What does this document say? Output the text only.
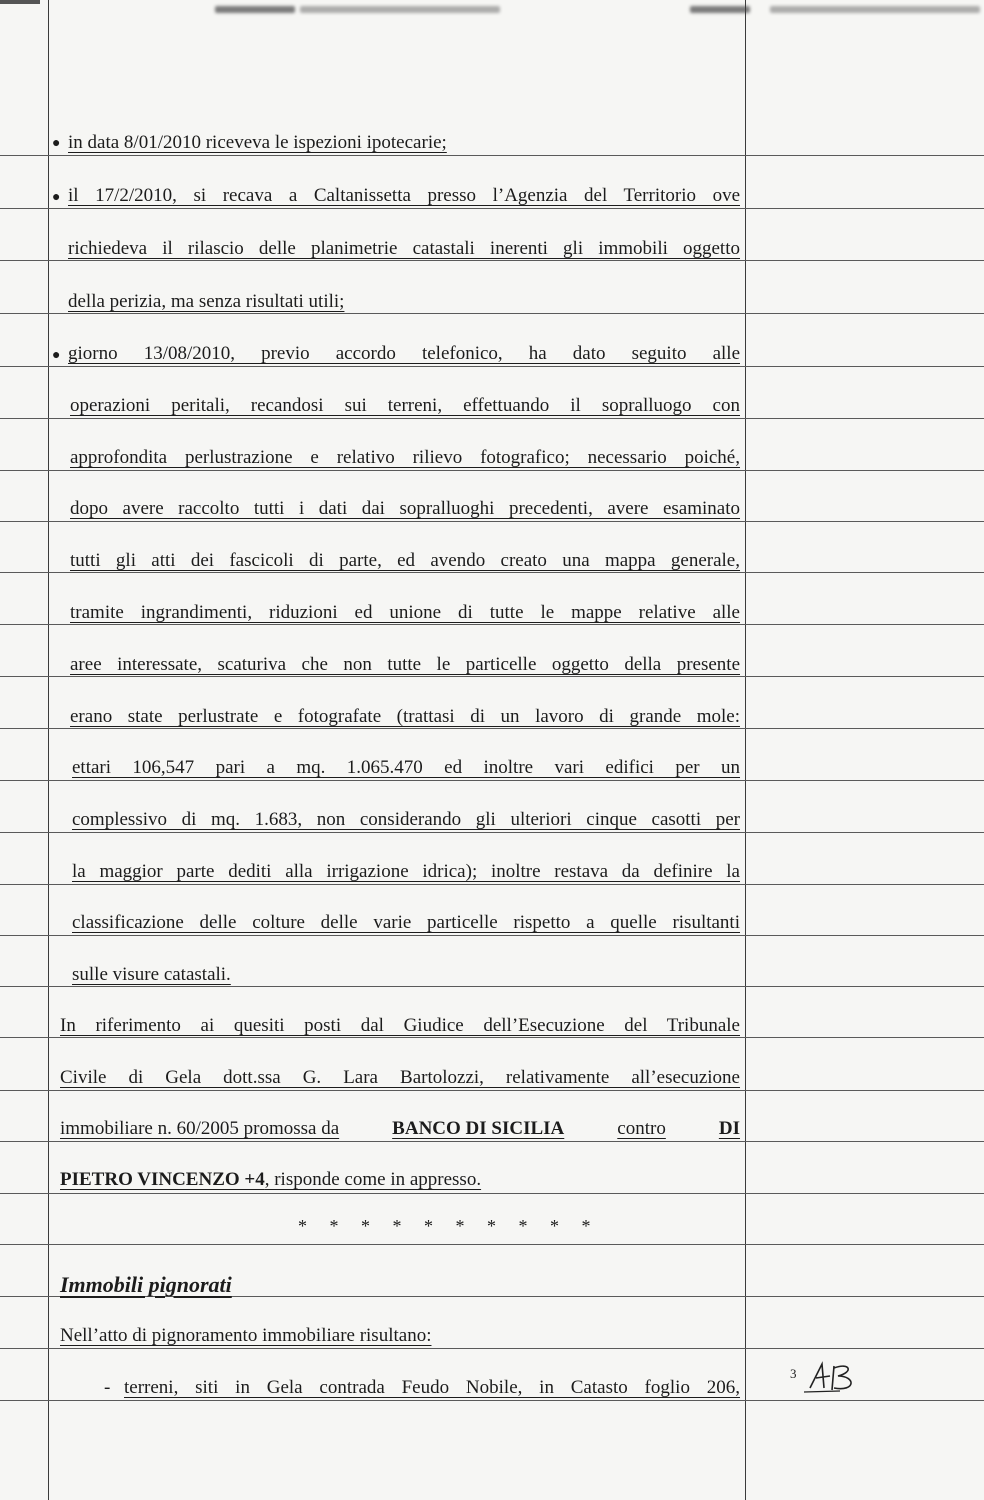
● in data 8/01/2010 riceveva le ispezioni ipotecarie;
● il 17/2/2010, si recava a Caltanissetta presso l’Agenzia del Territorio ove
richiedeva il rilascio delle planimetrie catastali inerenti gli immobili oggetto
della perizia, ma senza risultati utili;
● giorno 13/08/2010, previo accordo telefonico, ha dato seguito alle
operazioni peritali, recandosi sui terreni, effettuando il sopralluogo con
approfondita perlustrazione e relativo rilievo fotografico; necessario poiché,
dopo avere raccolto tutti i dati dai sopralluoghi precedenti, avere esaminato
tutti gli atti dei fascicoli di parte, ed avendo creato una mappa generale,
tramite ingrandimenti, riduzioni ed unione di tutte le mappe relative alle
aree interessate, scaturiva che non tutte le particelle oggetto della presente
erano state perlustrate e fotografate (trattasi di un lavoro di grande mole:
ettari 106,547 pari a mq. 1.065.470 ed inoltre vari edifici per un
complessivo di mq. 1.683, non considerando gli ulteriori cinque casotti per
la maggior parte dediti alla irrigazione idrica); inoltre restava da definire la
classificazione delle colture delle varie particelle rispetto a quelle risultanti
sulle visure catastali.
In riferimento ai quesiti posti dal Giudice dell’Esecuzione del Tribunale
Civile di Gela dott.ssa G. Lara Bartolozzi, relativamente all’esecuzione
immobiliare n. 60/2005 promossa da	BANCO DI SICILIA	contro	DI
PIETRO VINCENZO +4, risponde come in appresso.
* * * * * * * * * *
Immobili pignorati
Nell’atto di pignoramento immobiliare risultano:
- terreni, siti in Gela contrada Feudo Nobile, in Catasto foglio 206,
3
